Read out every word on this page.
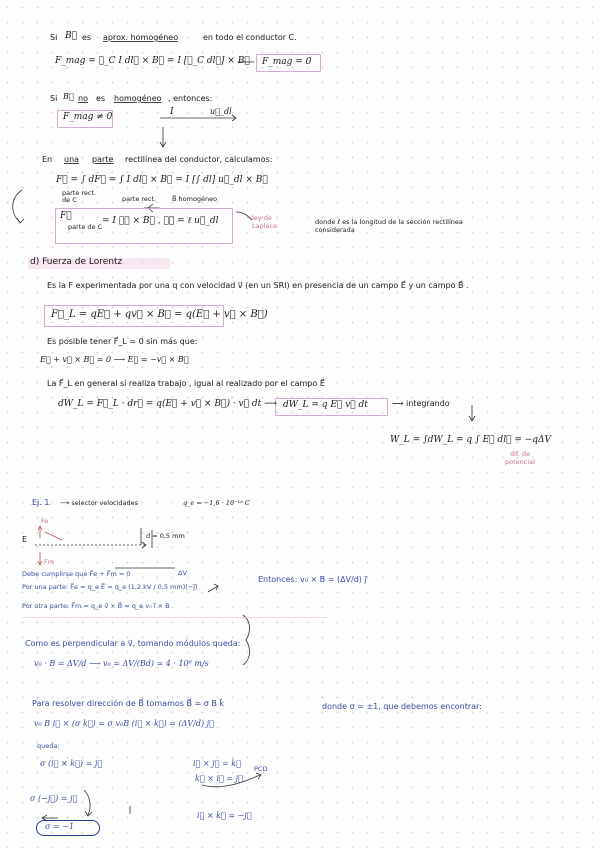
Si B⃗ es aprox. homogéneo	en todo el conductor C.
F_mag = ∮_C I dl⃗ × B⃗ = I [∮_C dl⃗] × B⃗ F_mag = 0
Si B⃗ no es homogéneo , entonces:
F_mag ≠ 0	I	u⃗_dl
En una parte rectilínea del conductor, calculamos:
F⃗ = ∫ dF⃗ = ∫ I dl⃗ × B⃗ = I [∫ dl] u⃗_dl × B⃗
parte rect. de C	parte rect. B⃗ homogéneo
F⃗
parte de C
= I ℓ⃗ × B⃗ , ℓ⃗ = ℓ u⃗_dl	ley de Laplace
donde ℓ es la longitud de la sección rectilínea considerada
d) Fuerza de Lorentz
Es la F experimentada por una q con velocidad v⃗ (en un SRI) en presencia de un campo E⃗ y un campo B⃗ .
F⃗_L = qE⃗ + qv⃗ × B⃗ = q(E⃗ + v⃗ × B⃗)
Es posible tener F⃗_L = 0 sin más que:
E⃗ + v⃗ × B⃗ = 0 ⟶ E⃗ = −v⃗ × B⃗
La F⃗_L en general sí realiza trabajo , igual al realizado por el campo E⃗
dW_L = F⃗_L · dr⃗ = q(E⃗ + v⃗ × B⃗) · v⃗ dt ⟶ dW_L = q E⃗ v⃗ dt	⟶ integrando
W_L = ∫dW_L = q ∫ E⃗ dl⃗ = −qΔV
dif. de potencial
Ej. 1 ⟶ selector velocidades	q_e = −1,6 · 10⁻¹⁹ C
Fe
Fm
E	d = 0,5 mm
Debe cumplirse que F⃗e + F⃗m = 0
Por una parte: F⃗e = q_e E⃗ = q_e (1,2 kV / 0,5 mm)(−j⃗)
ΔV
Por otra parte: F⃗m = q_e v⃗ × B⃗ = q_e v₀ i⃗ × B
Entonces: v₀ × B = (ΔV/d) j⃗
Como es perpendicular a v⃗, tomando módulos queda:
v₀ · B = ΔV/d ⟶ v₀ = ΔV/(Bd) ≃ 4 · 10⁶ m/s
Para resolver dirección de B⃗ tomamos B⃗ = σ B k⃗	donde σ = ±1, que debemos encontrar:
v₀ B i⃗ × (σ k⃗) = σ v₀B (i⃗ × k⃗) = (ΔV/d) j⃗
queda:
σ (i⃗ × k⃗) = j⃗	i⃗ × j⃗ = k⃗
k⃗ × i⃗ = j⃗
PCD
i⃗ × k⃗ = −j⃗
σ (−j⃗) = j⃗
σ = −1
